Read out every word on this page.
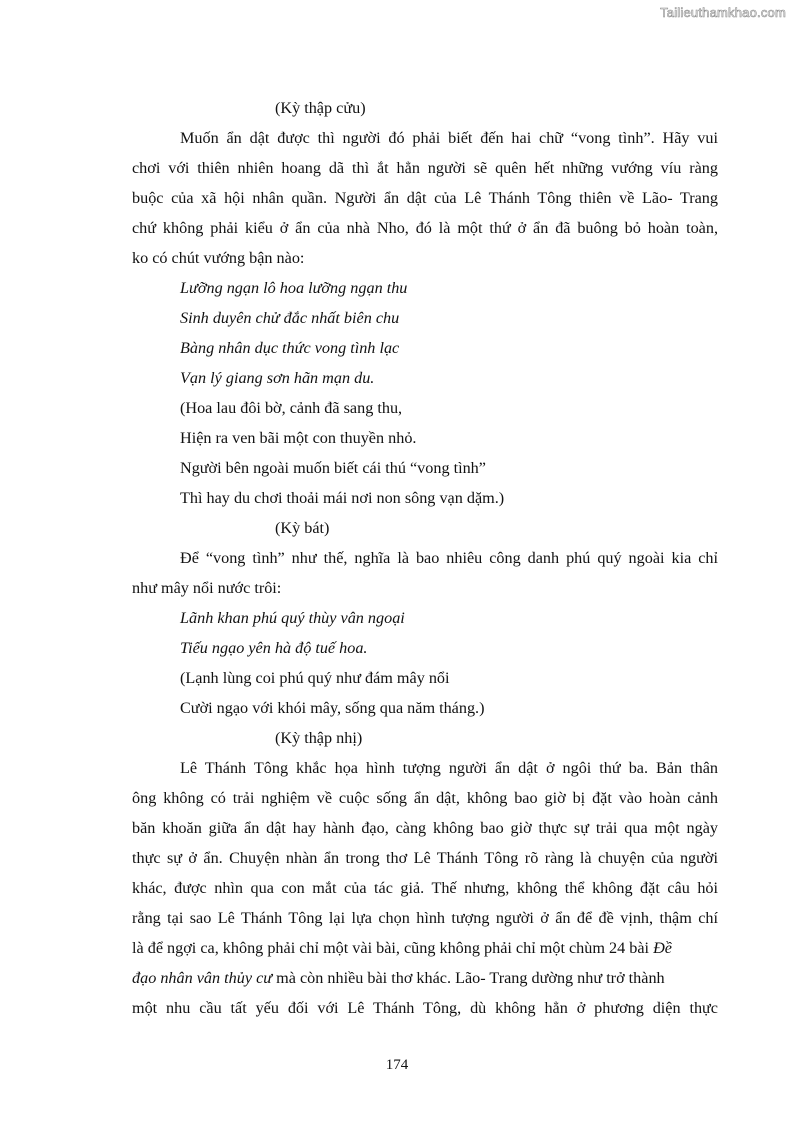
Tailieuthamkhao.com
(Kỳ thập cửu)
Muốn ẩn dật được thì người đó phải biết đến hai chữ “vong tình”. Hãy vui
chơi với thiên nhiên hoang dã thì ắt hẳn người sẽ quên hết những vướng víu ràng
buộc của xã hội nhân quần. Người ẩn dật của Lê Thánh Tông thiên về Lão- Trang
chứ không phải kiểu ở ẩn của nhà Nho, đó là một thứ ở ẩn đã buông bỏ hoàn toàn,
ko có chút vướng bận nào:
Lưỡng ngạn lô hoa lưỡng ngạn thu
Sinh duyên chử đắc nhất biên chu
Bàng nhân dục thức vong tình lạc
Vạn lý giang sơn hãn mạn du.
(Hoa lau đôi bờ, cảnh đã sang thu,
Hiện ra ven bãi một con thuyền nhỏ.
Người bên ngoài muốn biết cái thú “vong tình”
Thì hay du chơi thoải mái nơi non sông vạn dặm.)
(Kỳ bát)
Để “vong tình” như thế, nghĩa là bao nhiêu công danh phú quý ngoài kia chỉ
như mây nổi nước trôi:
Lãnh khan phú quý thùy vân ngoại
Tiếu ngạo yên hà độ tuế hoa.
(Lạnh lùng coi phú quý như đám mây nổi
Cười ngạo với khói mây, sống qua năm tháng.)
(Kỳ thập nhị)
Lê Thánh Tông khắc họa hình tượng người ẩn dật ở ngôi thứ ba. Bản thân
ông không có trải nghiệm về cuộc sống ẩn dật, không bao giờ bị đặt vào hoàn cảnh
băn khoăn giữa ẩn dật hay hành đạo, càng không bao giờ thực sự trải qua một ngày
thực sự ở ẩn. Chuyện nhàn ẩn trong thơ Lê Thánh Tông rõ ràng là chuyện của người
khác, được nhìn qua con mắt của tác giả. Thế nhưng, không thể không đặt câu hỏi
rằng tại sao Lê Thánh Tông lại lựa chọn hình tượng người ở ẩn để đề vịnh, thậm chí
là để ngợi ca, không phải chỉ một vài bài, cũng không phải chỉ một chùm 24 bài Đề
đạo nhân vân thủy cư mà còn nhiều bài thơ khác. Lão- Trang dường như trở thành
một nhu cầu tất yếu đối với Lê Thánh Tông, dù không hẳn ở phương diện thực
174
